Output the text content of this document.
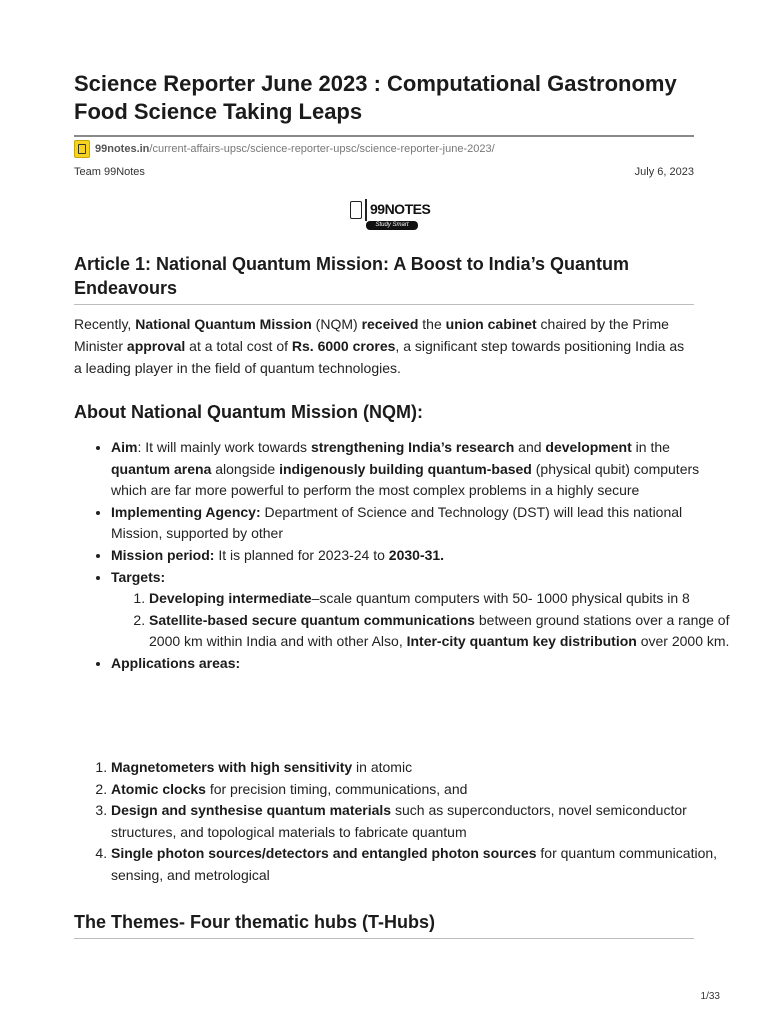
Science Reporter June 2023 : Computational Gastronomy Food Science Taking Leaps
99notes.in /current-affairs-upsc/science-reporter-upsc/science-reporter-june-2023/
Team 99Notes	July 6, 2023
99NOTES
Study Smart
Article 1: National Quantum Mission: A Boost to India’s Quantum Endeavours

Recently, National Quantum Mission (NQM) received the union cabinet chaired by the Prime Minister approval at a total cost of Rs. 6000 crores, a significant step towards positioning India as a leading player in the field of quantum technologies.

About National Quantum Mission (NQM):
• Aim: It will mainly work towards strengthening India’s research and development in the quantum arena alongside indigenously building quantum-based (physical qubit) computers which are far more powerful to perform the most complex problems in a highly secure
• Implementing Agency: Department of Science and Technology (DST) will lead this national Mission, supported by other
• Mission period: It is planned for 2023-24 to 2030-31.
• Targets:
1. Developing intermediate–scale quantum computers with 50- 1000 physical qubits in 8
2. Satellite-based secure quantum communications between ground stations over a range of 2000 km within India and with other Also, Inter-city quantum key distribution over 2000 km.
• Applications areas:
1. Magnetometers with high sensitivity in atomic
2. Atomic clocks for precision timing, communications, and
3. Design and synthesise quantum materials such as superconductors, novel semiconductor structures, and topological materials to fabricate quantum
4. Single photon sources/detectors and entangled photon sources for quantum communication, sensing, and metrological
The Themes- Four thematic hubs (T-Hubs)
1/33
